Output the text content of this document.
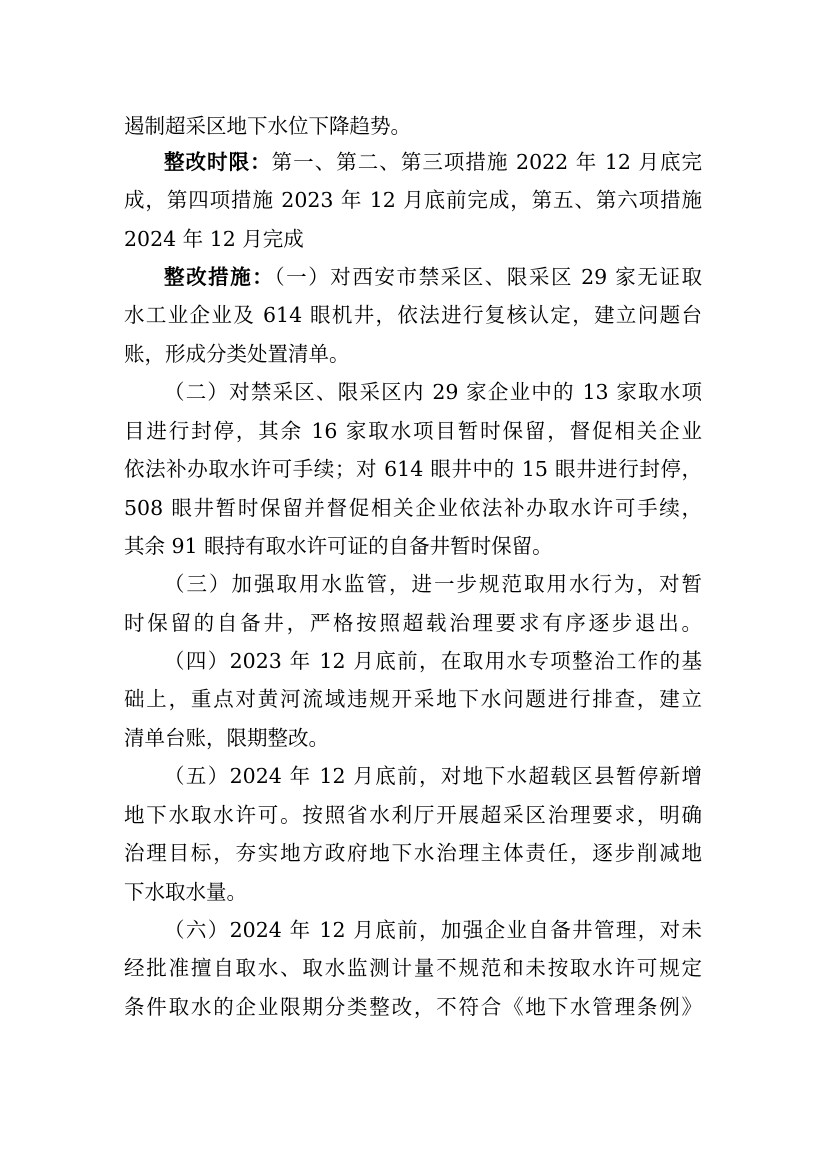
遏制超采区地下水位下降趋势。
整改时限：第一、第二、第三项措施 2022 年 12 月底完
成，第四项措施 2023 年 12 月底前完成，第五、第六项措施
2024 年 12 月完成
整改措施：（一）对西安市禁采区、限采区 29 家无证取
水工业企业及 614 眼机井，依法进行复核认定，建立问题台
账，形成分类处置清单。
（二）对禁采区、限采区内 29 家企业中的 13 家取水项
目进行封停，其余 16 家取水项目暂时保留，督促相关企业
依法补办取水许可手续；对 614 眼井中的 15 眼井进行封停，
508 眼井暂时保留并督促相关企业依法补办取水许可手续，
其余 91 眼持有取水许可证的自备井暂时保留。
（三）加强取用水监管，进一步规范取用水行为，对暂
时保留的自备井，严格按照超载治理要求有序逐步退出。
（四）2023 年 12 月底前，在取用水专项整治工作的基
础上，重点对黄河流域违规开采地下水问题进行排查，建立
清单台账，限期整改。
（五）2024 年 12 月底前，对地下水超载区县暂停新增
地下水取水许可。按照省水利厅开展超采区治理要求，明确
治理目标，夯实地方政府地下水治理主体责任，逐步削减地
下水取水量。
（六）2024 年 12 月底前，加强企业自备井管理，对未
经批准擅自取水、取水监测计量不规范和未按取水许可规定
条件取水的企业限期分类整改，不符合《地下水管理条例》
